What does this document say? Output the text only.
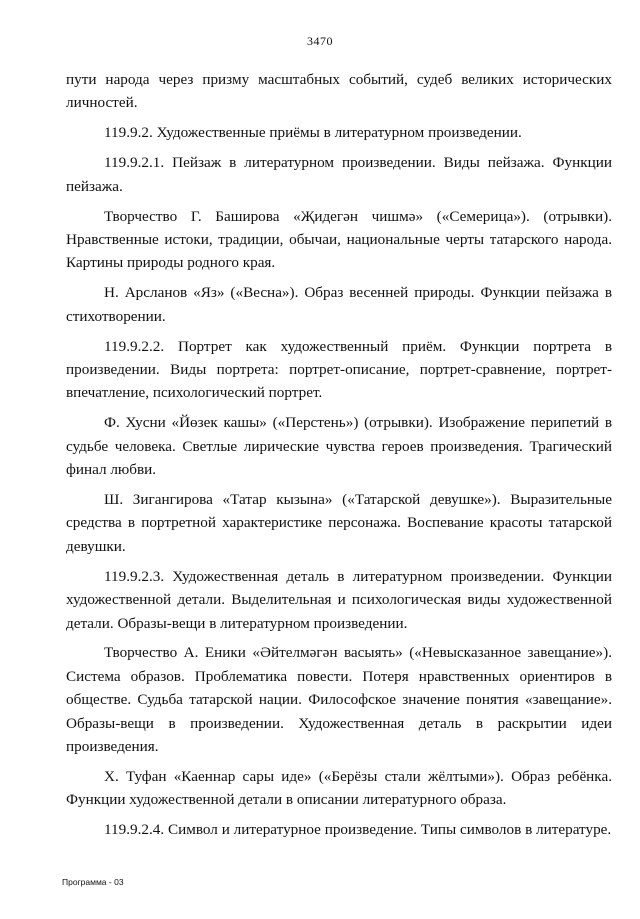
3470

пути народа через призму масштабных событий, судеб великих исторических личностей.

119.9.2. Художественные приёмы в литературном произведении.

119.9.2.1. Пейзаж в литературном произведении. Виды пейзажа. Функции пейзажа.

Творчество Г. Баширова «Җидегән чишмә» («Семерица»). (отрывки). Нравственные истоки, традиции, обычаи, национальные черты татарского народа. Картины природы родного края.

Н. Арсланов «Яз» («Весна»). Образ весенней природы. Функции пейзажа в стихотворении.

119.9.2.2. Портрет как художественный приём. Функции портрета в произведении. Виды портрета: портрет-описание, портрет-сравнение, портрет-впечатление, психологический портрет.

Ф. Хусни «Йөзек кашы» («Перстень») (отрывки). Изображение перипетий в судьбе человека. Светлые лирические чувства героев произведения. Трагический финал любви.

Ш. Зигангирова «Татар кызына» («Татарской девушке»). Выразительные средства в портретной характеристике персонажа. Воспевание красоты татарской девушки.

119.9.2.3. Художественная деталь в литературном произведении. Функции художественной детали. Выделительная и психологическая виды художественной детали. Образы-вещи в литературном произведении.

Творчество А. Еники «Әйтелмәгән васыять» («Невысказанное завещание»). Система образов. Проблематика повести. Потеря нравственных ориентиров в обществе. Судьба татарской нации. Философское значение понятия «завещание». Образы-вещи в произведении. Художественная деталь в раскрытии идеи произведения.

Х. Туфан «Каеннар сары иде» («Берёзы стали жёлтыми»). Образ ребёнка. Функции художественной детали в описании литературного образа.

119.9.2.4. Символ и литературное произведение. Типы символов в литературе.

Программа - 03
